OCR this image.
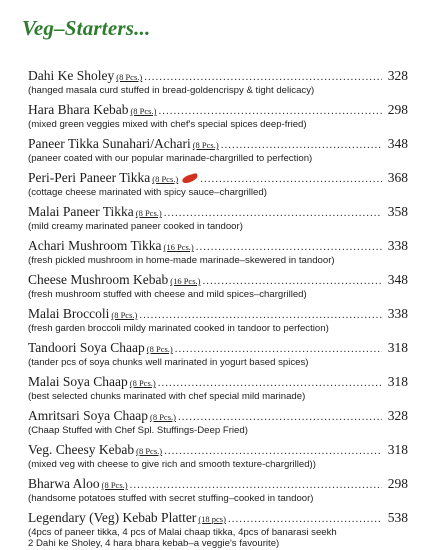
Veg–Starters...
Dahi Ke Sholey (8 Pcs.) .....	328
(hanged masala curd stuffed in bread-goldencrispy & tight delicacy)
Hara Bhara Kebab (8 Pcs.) .....	298
(mixed green veggies mixed with chef's special spices deep-fried)
Paneer Tikka Sunahari/Achari (8 Pcs.) .....	348
(paneer coated with our popular marinade-chargrilled to perfection)
Peri-Peri Paneer Tikka (8 Pcs.) .....	368
(cottage cheese marinated with spicy sauce–chargrilled)
Malai Paneer Tikka (8 Pcs.) .....	358
(mild creamy marinated paneer cooked in tandoor)
Achari Mushroom Tikka (16 Pcs.) .....	338
(fresh pickled mushroom in home-made marinade–skewered in tandoor)
Cheese Mushroom Kebab (16 Pcs.) .....	348
(fresh mushroom stuffed with cheese and mild spices–chargrilled)
Malai Broccoli (8 Pcs.) .....	338
(fresh garden broccoli mildy marinated cooked in tandoor to perfection)
Tandoori Soya Chaap (8 Pcs.) .....	318
(tander pcs of soya chunks well marinated in yogurt based spices)
Malai Soya Chaap (8 Pcs.) .....	318
(best selected chunks marinated with chef special mild marinade)
Amritsari Soya Chaap (8 Pcs.) .....	328
(Chaap Stuffed with Chef Spl. Stuffings-Deep Fried)
Veg. Cheesy Kebab (8 Pcs.) .....	318
(mixed veg with cheese to give rich and smooth texture-chargrilled))
Bharwa Aloo (8 Pcs.) .....	298
(handsome potatoes stuffed with secret stuffing–cooked in tandoor)
Legendary (Veg) Kebab Platter (18 pcs) .....	538
(4pcs of paneer tikka, 4 pcs of Malai chaap tikka, 4pcs of banarasi seekh
2 Dahi ke Sholey, 4 hara bhara kebab–a veggie's favourite)
